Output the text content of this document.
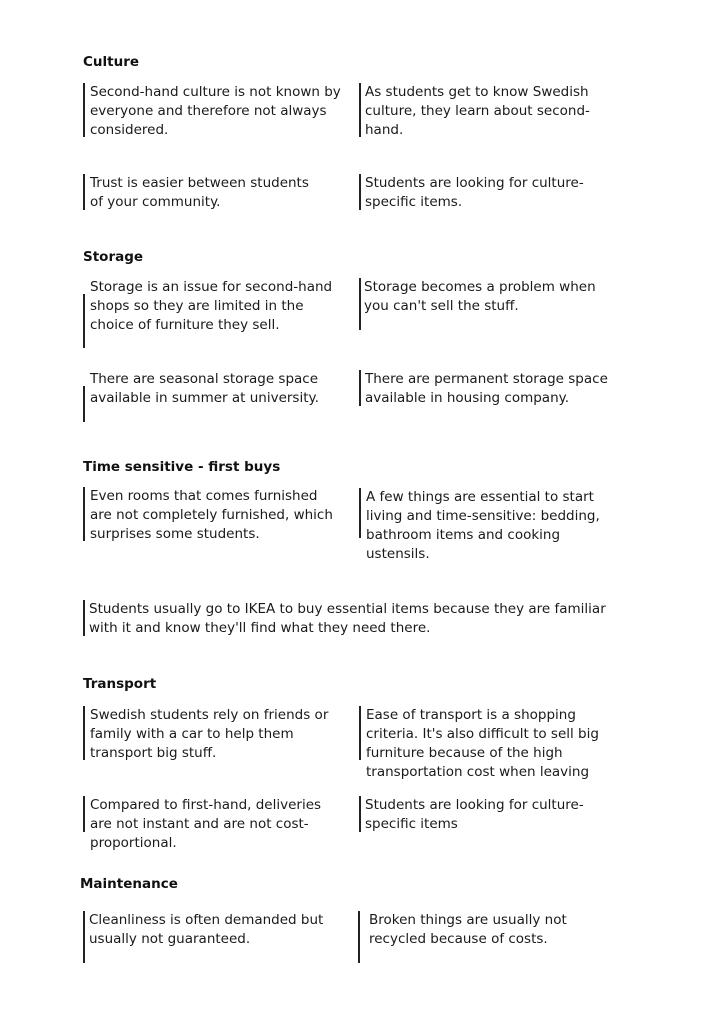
Culture
Second-hand culture is not known by everyone and therefore not always considered.
As students get to know Swedish culture, they learn about second-hand.
Trust is easier between students of your community.
Students are looking for culture-specific items.
Storage
Storage is an issue for second-hand shops so they are limited in the choice of furniture they sell.
Storage becomes a problem when you can't sell the stuff.
There are seasonal storage space available in summer at university.
There are permanent storage space available in housing company.
Time sensitive - first buys
Even rooms that comes furnished are not completely furnished, which surprises some students.
A few things are essential to start living and time-sensitive: bedding, bathroom items and cooking ustensils.
Students usually go to IKEA to buy essential items because they are familiar with it and know they'll find what they need there.
Transport
Swedish students rely on friends or family with a car to help them transport big stuff.
Ease of transport is a shopping criteria. It's also difficult to sell big furniture because of the high transportation cost when leaving
Compared to first-hand, deliveries are not instant and are not cost-proportional.
Students are looking for culture-specific items
Maintenance
Cleanliness is often demanded but usually not guaranteed.
Broken things are usually not recycled because of costs.
